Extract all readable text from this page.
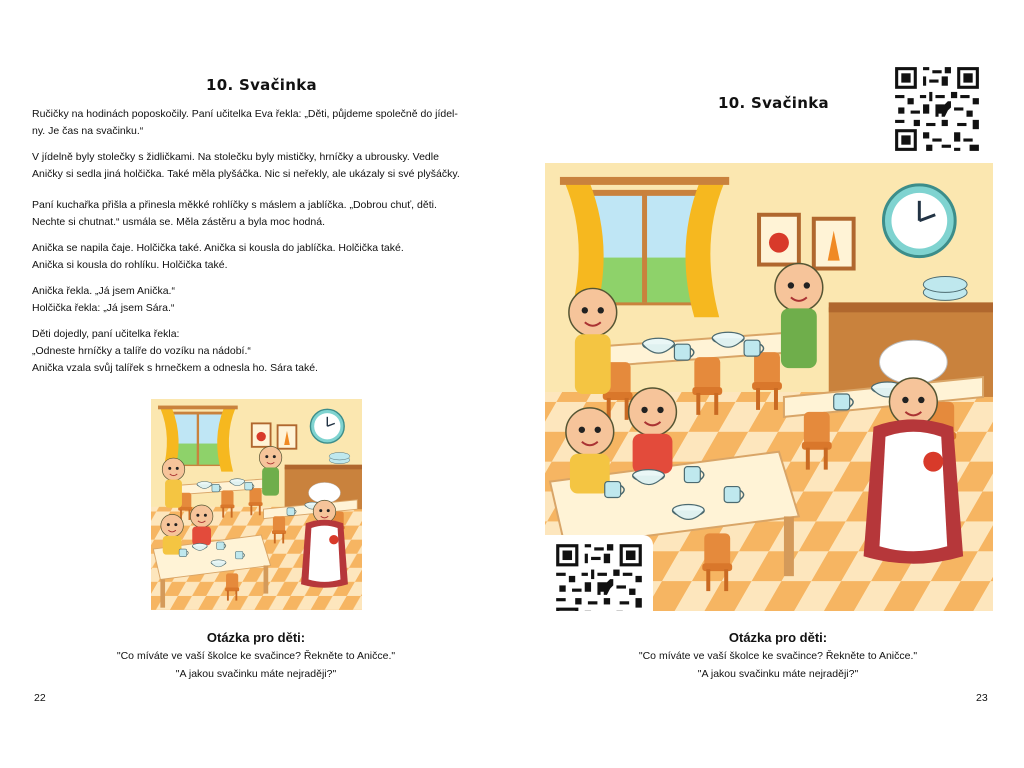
10. Svačinka

Ručičky na hodinách poposkočily. Paní učitelka Eva řekla: „Děti, půjdeme společně do jídel-
ny. Je čas na svačinku.“

V jídelně byly stolečky s židličkami. Na stolečku byly mističky, hrníčky a ubrousky. Vedle
Aničky si sedla jiná holčička. Také měla plyšáčka. Nic si neřekly, ale ukázaly si své plyšáčky.

Paní kuchařka přišla a přinesla měkké rohlíčky s máslem a jablíčka. „Dobrou chuť, děti.
Nechte si chutnat.“ usmála se. Měla zástěru a byla moc hodná.

Anička se napila čaje. Holčička také. Anička si kousla do jablíčka. Holčička také.
Anička si kousla do rohlíku. Holčička také.

Anička řekla. „Já jsem Anička.“
Holčička řekla: „Já jsem Sára.“

Děti dojedly, paní učitelka řekla:
„Odneste hrníčky a talíře do vozíku na nádobí.“
Anička vzala svůj talířek s hrnečkem a odnesla ho. Sára také.

Otázka pro děti:
"Co míváte ve vaší školce ke svačince? Řekněte to Aničce."
"A jakou svačinku máte nejraději?"
22
10. Svačinka
Otázka pro děti:
"Co míváte ve vaší školce ke svačince? Řekněte to Aničce."
"A jakou svačinku máte nejraději?"
23
